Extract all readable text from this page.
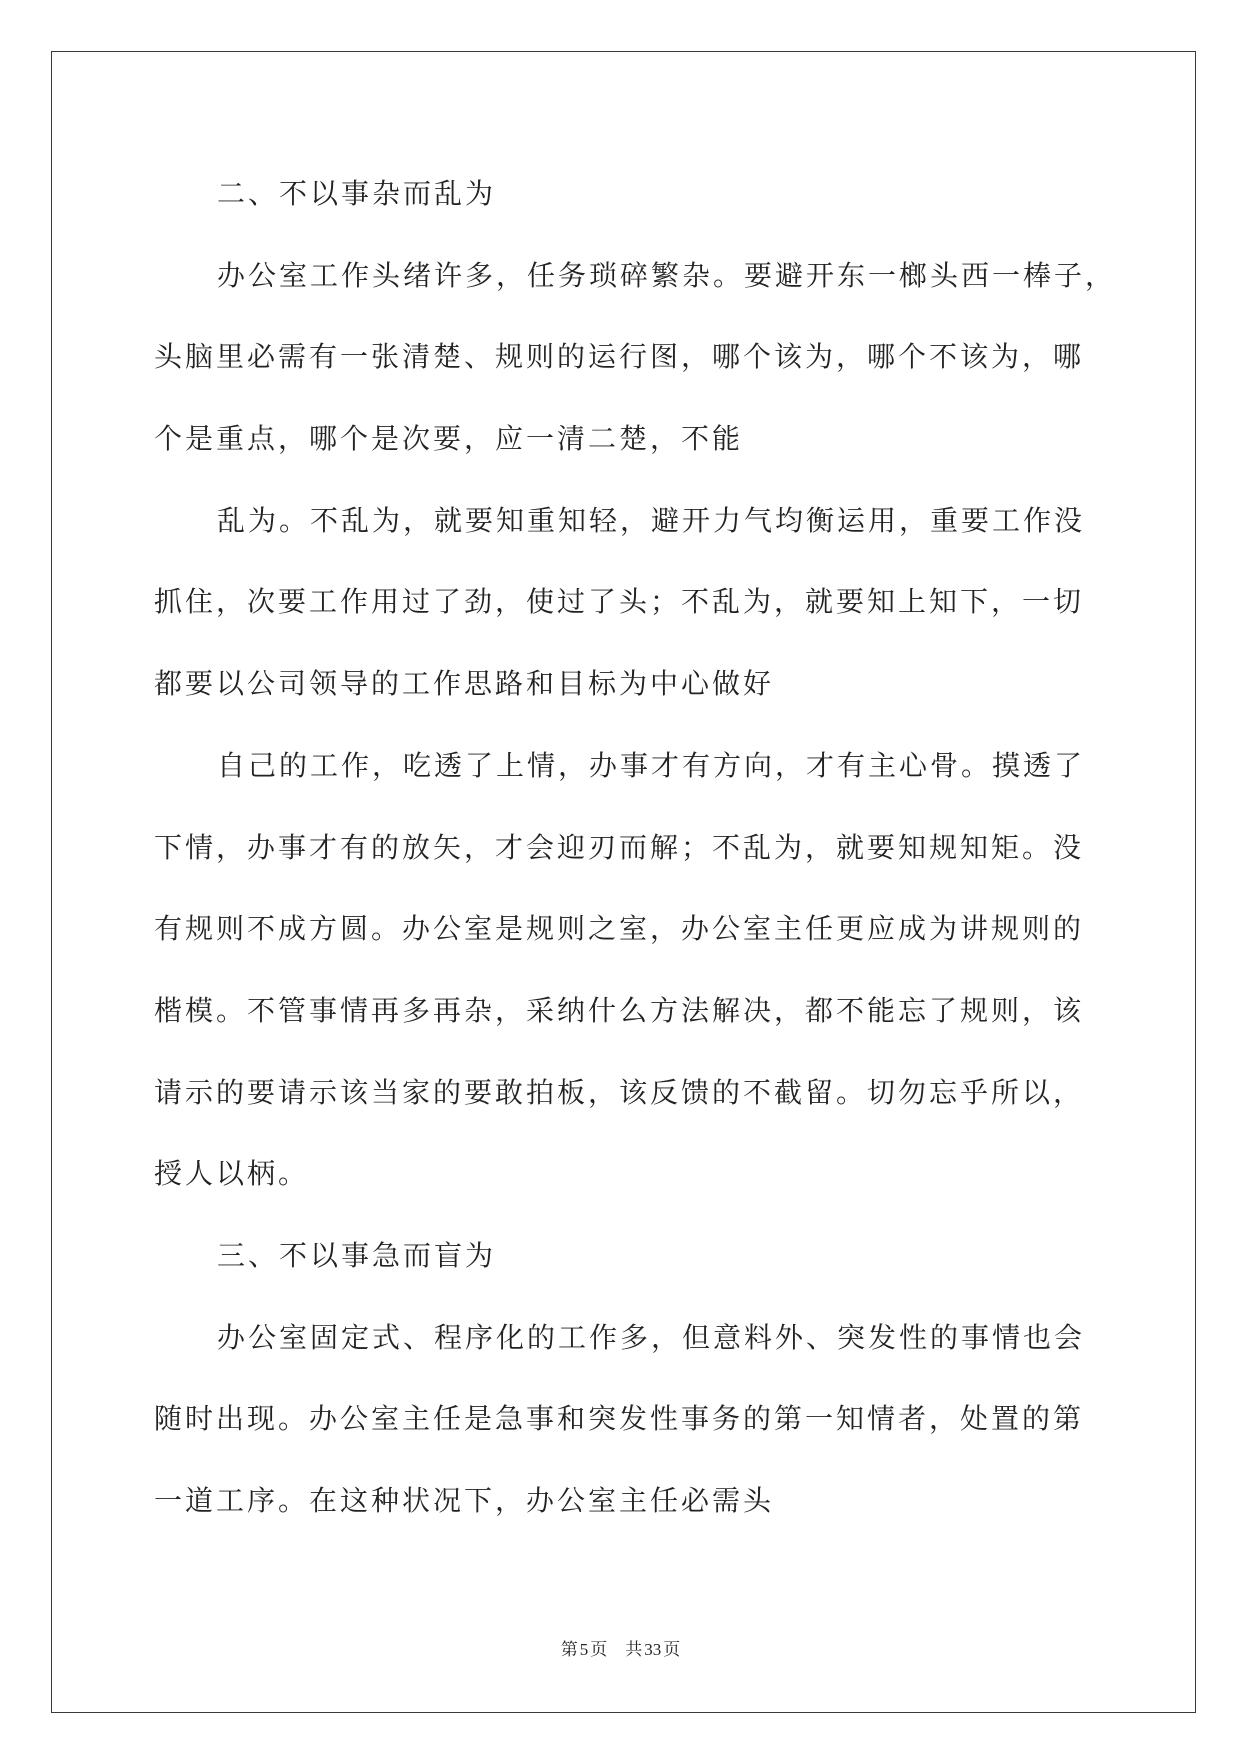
二、不以事杂而乱为
办公室工作头绪许多，任务琐碎繁杂。要避开东一榔头西一棒子，
头脑里必需有一张清楚、规则的运行图，哪个该为，哪个不该为，哪
个是重点，哪个是次要，应一清二楚，不能
乱为。不乱为，就要知重知轻，避开力气均衡运用，重要工作没
抓住，次要工作用过了劲，使过了头；不乱为，就要知上知下，一切
都要以公司领导的工作思路和目标为中心做好
自己的工作，吃透了上情，办事才有方向，才有主心骨。摸透了
下情，办事才有的放矢，才会迎刃而解；不乱为，就要知规知矩。没
有规则不成方圆。办公室是规则之室，办公室主任更应成为讲规则的
楷模。不管事情再多再杂，采纳什么方法解决，都不能忘了规则，该
请示的要请示该当家的要敢拍板，该反馈的不截留。切勿忘乎所以，
授人以柄。
三、不以事急而盲为
办公室固定式、程序化的工作多，但意料外、突发性的事情也会
随时出现。办公室主任是急事和突发性事务的第一知情者，处置的第
一道工序。在这种状况下，办公室主任必需头
第 5 页 共 33 页
